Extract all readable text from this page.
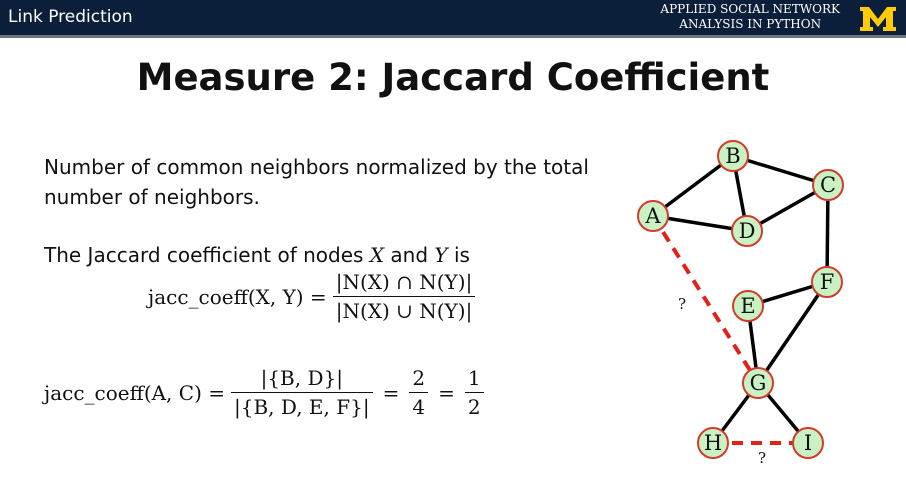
Link Prediction	APPLIED SOCIAL NETWORK
ANALYSIS IN PYTHON
Measure 2: Jaccard Coefficient

Number of common neighbors normalized by the total number of neighbors.

The Jaccard coefficient of nodes X and Y is
jacc_coeff(X, $Y) = \frac{|N(X) \cap N(Y)|}{|N(X) \cup N(Y)|}$
jacc_coeff(A, $C) = \frac{|\{B, D\}|}{|\{B, D, E, F\}|} = \frac{2}{4} = \frac{1}{2}$
A
B
C
D
E
F
G
H	I
?
?
